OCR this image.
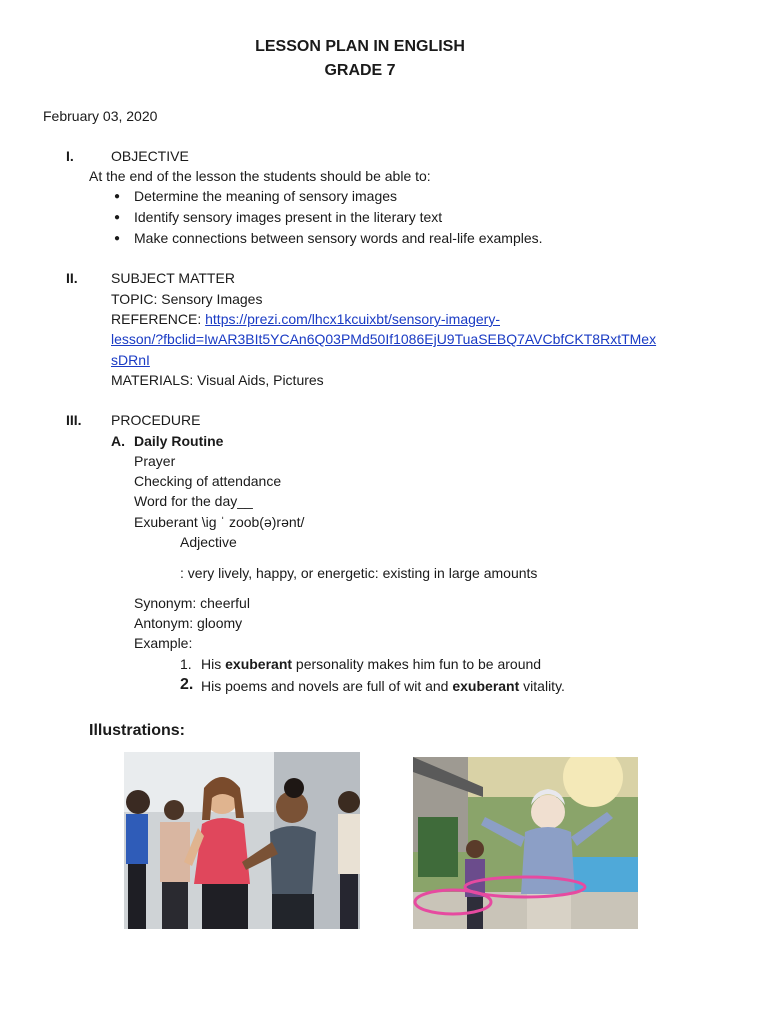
LESSON PLAN IN ENGLISH
GRADE 7
February 03, 2020
I.	OBJECTIVE
At the end of the lesson the students should be able to:
● Determine the meaning of sensory images
● Identify sensory images present in the literary text
● Make connections between sensory words and real-life examples.
II. SUBJECT MATTER
TOPIC: Sensory Images
REFERENCE: https://prezi.com/lhcx1kcuixbt/sensory-imagery-
lesson/?fbclid=IwAR3BIt5YCAn6Q03PMd50If1086EjU9TuaSEBQ7AVCbfCKT8RxtTMex
sDRnI
MATERIALS: Visual Aids, Pictures
III. PROCEDURE
A. Daily Routine
Prayer
Checking of attendance
Word for the day__
Exuberant \ig ˈ zoob(ə)rənt/
Adjective
: very lively, happy, or energetic: existing in large amounts
Synonym: cheerful
Antonym: gloomy
Example:
1. His exuberant personality makes him fun to be around
2. His poems and novels are full of wit and exuberant vitality.
Illustrations:
